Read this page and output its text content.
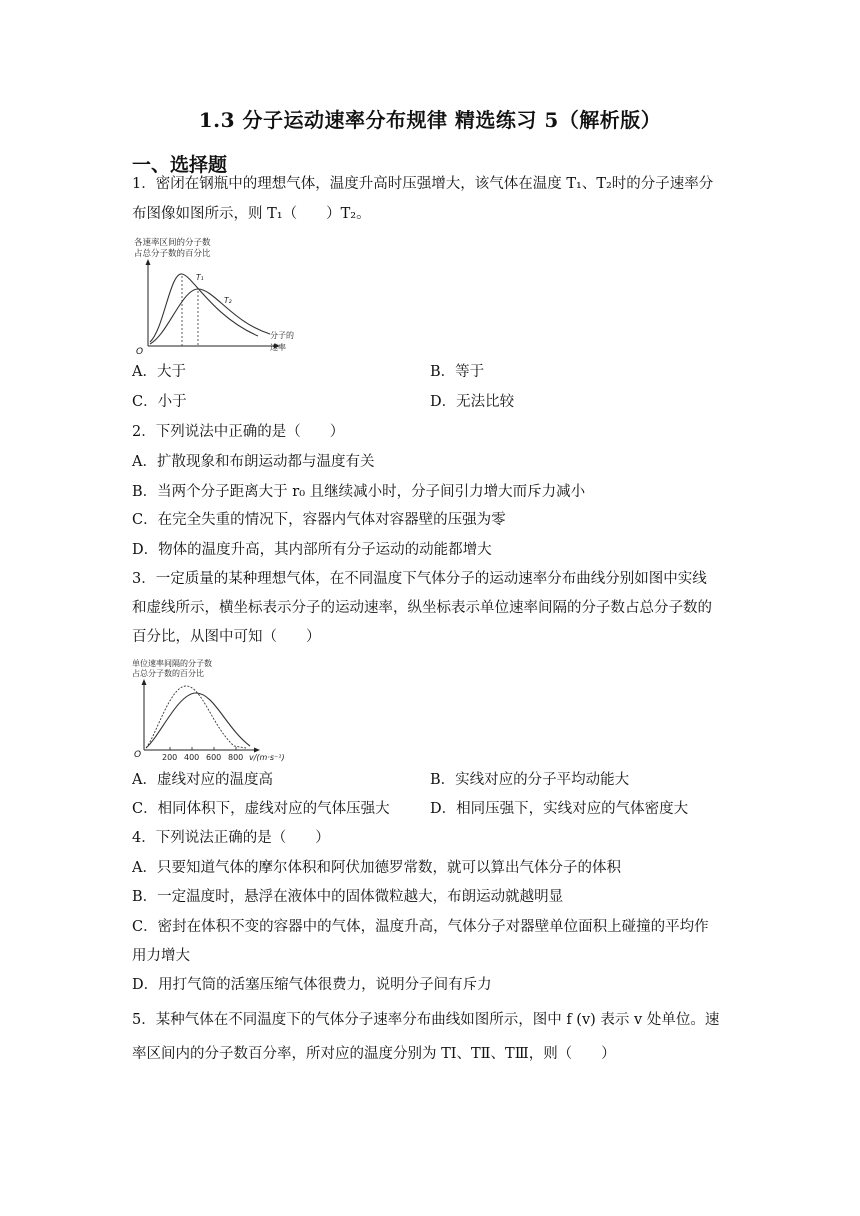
1.3 分子运动速率分布规律 精选练习 5（解析版）
一、选择题
1．密闭在钢瓶中的理想气体，温度升高时压强增大，该气体在温度 T₁、T₂时的分子速率分
布图像如图所示，则 T₁（　　）T₂。
各速率区间的分子数
占总分子数的百分比
O
分子的
速率
T₁
T₂
A．大于	B．等于
C．小于	D．无法比较
2．下列说法中正确的是（　　）
A．扩散现象和布朗运动都与温度有关
B．当两个分子距离大于 r₀ 且继续减小时，分子间引力增大而斥力减小
C．在完全失重的情况下，容器内气体对容器壁的压强为零
D．物体的温度升高，其内部所有分子运动的动能都增大
3．一定质量的某种理想气体，在不同温度下气体分子的运动速率分布曲线分别如图中实线
和虚线所示，横坐标表示分子的运动速率，纵坐标表示单位速率间隔的分子数占总分子数的
百分比，从图中可知（　　）
单位速率间隔的分子数
占总分子数的百分比
O	200 400 600 800 v/(m·s⁻¹)
A．虚线对应的温度高	B．实线对应的分子平均动能大
C．相同体积下，虚线对应的气体压强大	D．相同压强下，实线对应的气体密度大
4．下列说法正确的是（　　）
A．只要知道气体的摩尔体积和阿伏加德罗常数，就可以算出气体分子的体积
B．一定温度时，悬浮在液体中的固体微粒越大，布朗运动就越明显
C．密封在体积不变的容器中的气体，温度升高，气体分子对器壁单位面积上碰撞的平均作
用力增大
D．用打气筒的活塞压缩气体很费力，说明分子间有斥力
5．某种气体在不同温度下的气体分子速率分布曲线如图所示，图中 f (v) 表示 v 处单位。速
率区间内的分子数百分率，所对应的温度分别为 TⅠ、TⅡ、TⅢ，则（　　）
